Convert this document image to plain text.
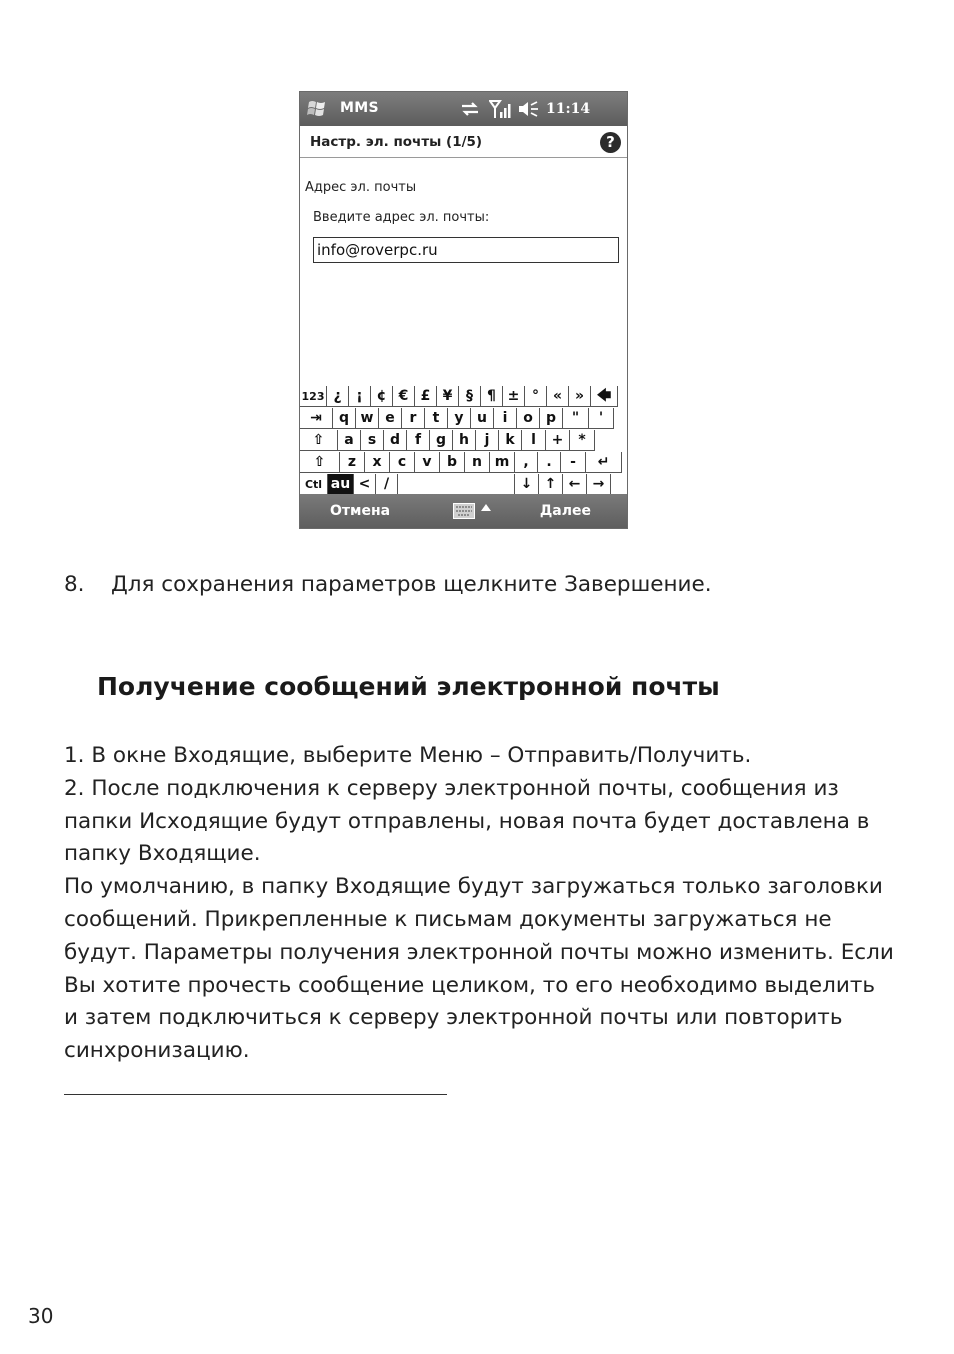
MMS	11:14
Настр. эл. почты (1/5)	?
Адрес эл. почты
Введите адрес эл. почты:
info@roverpc.ru
123 ¿	¡ ¢ € £ ¥ §	¶ ± ° « » 🡄
⇥	q w e	r	t	y u	i	o p	"	'
⇧	a	s d	f	g h	j	k	l	+	*
⇧	z	x	c	v	b	n m	,	.	-	↵
Ctl au < /	↓ ↑ ← →
Отмена	Далее
8. Для сохранения параметров щелкните Завершение.
Получение сообщений электронной почты

1. В окне Входящие, выберите Меню – Отправить/Получить.

2. После подключения к серверу электронной почты, сообщения из

папки Исходящие будут отправлены, новая почта будет доставлена в

папку Входящие.

По умолчанию, в папку Входящие будут загружаться только заголовки

сообщений. Прикрепленные к письмам документы загружаться не

будут. Параметры получения электронной почты можно изменить. Если

Вы хотите прочесть сообщение целиком, то его необходимо выделить

и затем подключиться к серверу электронной почты или повторить

синхронизацию.

30
